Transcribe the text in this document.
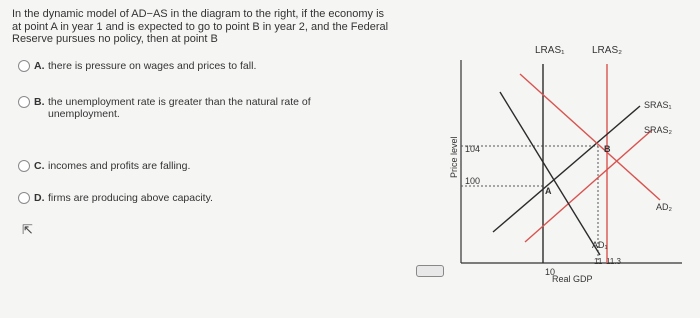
In the dynamic model of AD−AS in the diagram to the right, if the economy is at point A in year 1 and is expected to go to point B in year 2, and the Federal Reserve pursues no policy, then at point B
A. there is pressure on wages and prices to fall.
B. the unemployment rate is greater than the natural rate of unemployment.
C. incomes and profits are falling.
D. firms are producing above capacity.
⇱
Price level
Real GDP
104
100
10
11 11.3
LRAS₁	LRAS₂
SRAS₁
SRAS₂
AD₁
AD₂
A
B
